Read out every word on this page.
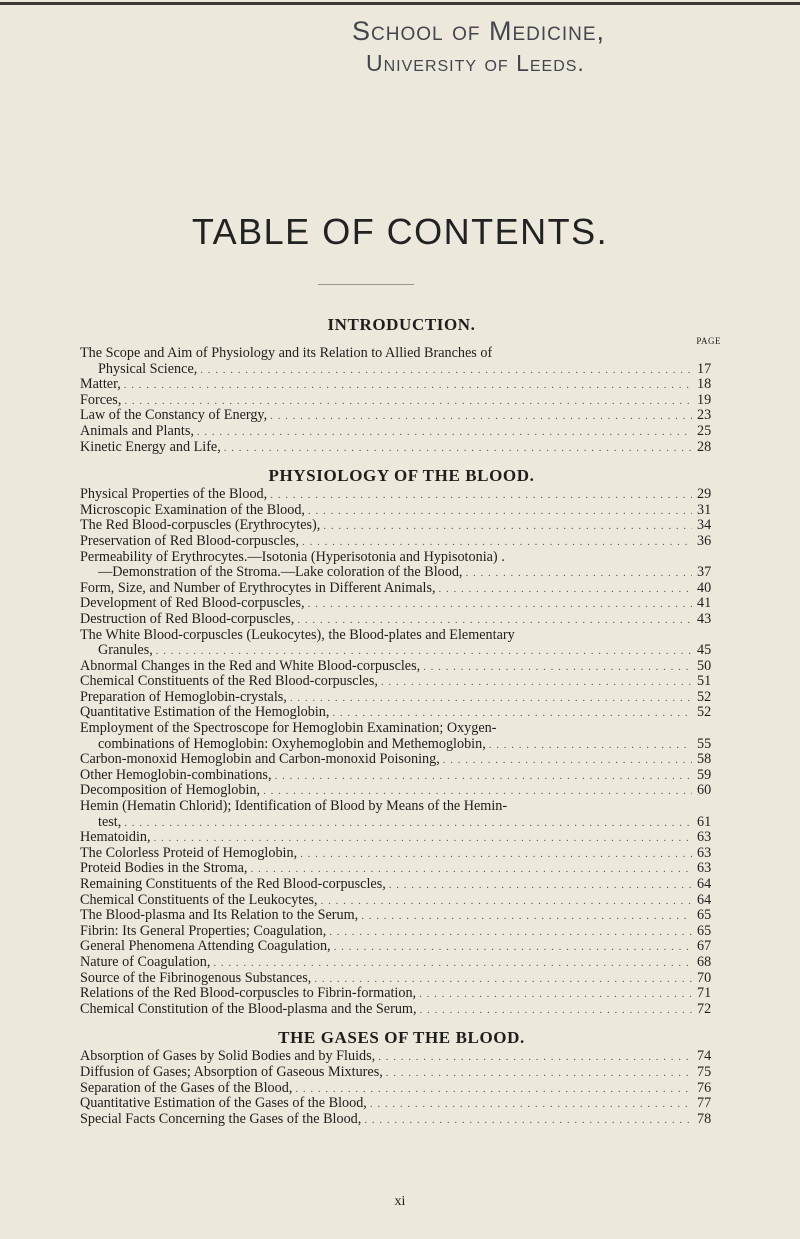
School of Medicine,
University of Leeds.
TABLE OF CONTENTS.
INTRODUCTION.
PAGE
The Scope and Aim of Physiology and its Relation to Allied Branches of
Physical Science, . . .	17
Matter, . . .	18
Forces, . . .	19
Law of the Constancy of Energy, . . .	23
Animals and Plants, . . .	25
Kinetic Energy and Life, . . .	28
PHYSIOLOGY OF THE BLOOD.
Physical Properties of the Blood, . . .	29
Microscopic Examination of the Blood, . . .	31
The Red Blood-corpuscles (Erythrocytes), . . .	34
Preservation of Red Blood-corpuscles, . . .	36
Permeability of Erythrocytes.—Isotonia (Hyperisotonia and Hypisotonia) .
—Demonstration of the Stroma.—Lake coloration of the Blood, . . .	37
Form, Size, and Number of Erythrocytes in Different Animals, . . .	40
Development of Red Blood-corpuscles, . . .	41
Destruction of Red Blood-corpuscles, . . .	43
The White Blood-corpuscles (Leukocytes), the Blood-plates and Elementary
Granules, . . .	45
Abnormal Changes in the Red and White Blood-corpuscles, . . .	50
Chemical Constituents of the Red Blood-corpuscles, . . .	51
Preparation of Hemoglobin-crystals, . . .	52
Quantitative Estimation of the Hemoglobin, . . .	52
Employment of the Spectroscope for Hemoglobin Examination; Oxygen-
combinations of Hemoglobin: Oxyhemoglobin and Methemoglobin, . . .	55
Carbon-monoxid Hemoglobin and Carbon-monoxid Poisoning, . . .	58
Other Hemoglobin-combinations, . . .	59
Decomposition of Hemoglobin, . . .	60
Hemin (Hematin Chlorid); Identification of Blood by Means of the Hemin-
test, . . .	61
Hematoidin, . . .	63
The Colorless Proteid of Hemoglobin, . . .	63
Proteid Bodies in the Stroma, . . .	63
Remaining Constituents of the Red Blood-corpuscles, . . .	64
Chemical Constituents of the Leukocytes, . . .	64
The Blood-plasma and Its Relation to the Serum, . . .	65
Fibrin: Its General Properties; Coagulation, . . .	65
General Phenomena Attending Coagulation, . . .	67
Nature of Coagulation, . . .	68
Source of the Fibrinogenous Substances, . . .	70
Relations of the Red Blood-corpuscles to Fibrin-formation, . . .	71
Chemical Constitution of the Blood-plasma and the Serum, . . .	72
THE GASES OF THE BLOOD.
Absorption of Gases by Solid Bodies and by Fluids, . . .	74
Diffusion of Gases; Absorption of Gaseous Mixtures, . . .	75
Separation of the Gases of the Blood, . . .	76
Quantitative Estimation of the Gases of the Blood, . . .	77
Special Facts Concerning the Gases of the Blood, . . .	78
xi
